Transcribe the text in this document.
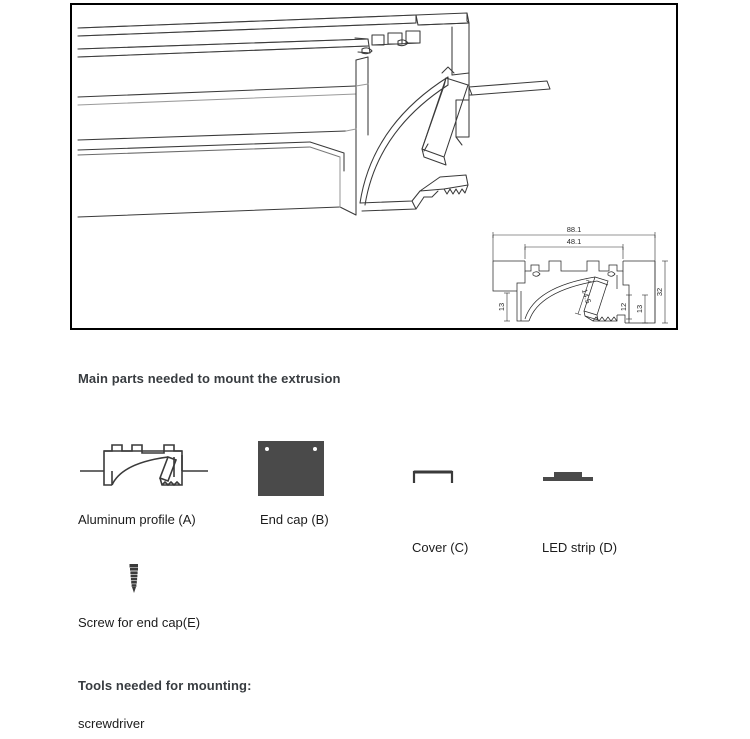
88.1
48.1
32
13
12
13
14.5
Main parts needed to mount the extrusion
Aluminum profile (A)	End cap (B)
Cover (C)	LED strip (D)
Screw for end cap(E)
Tools needed for mounting:
screwdriver
